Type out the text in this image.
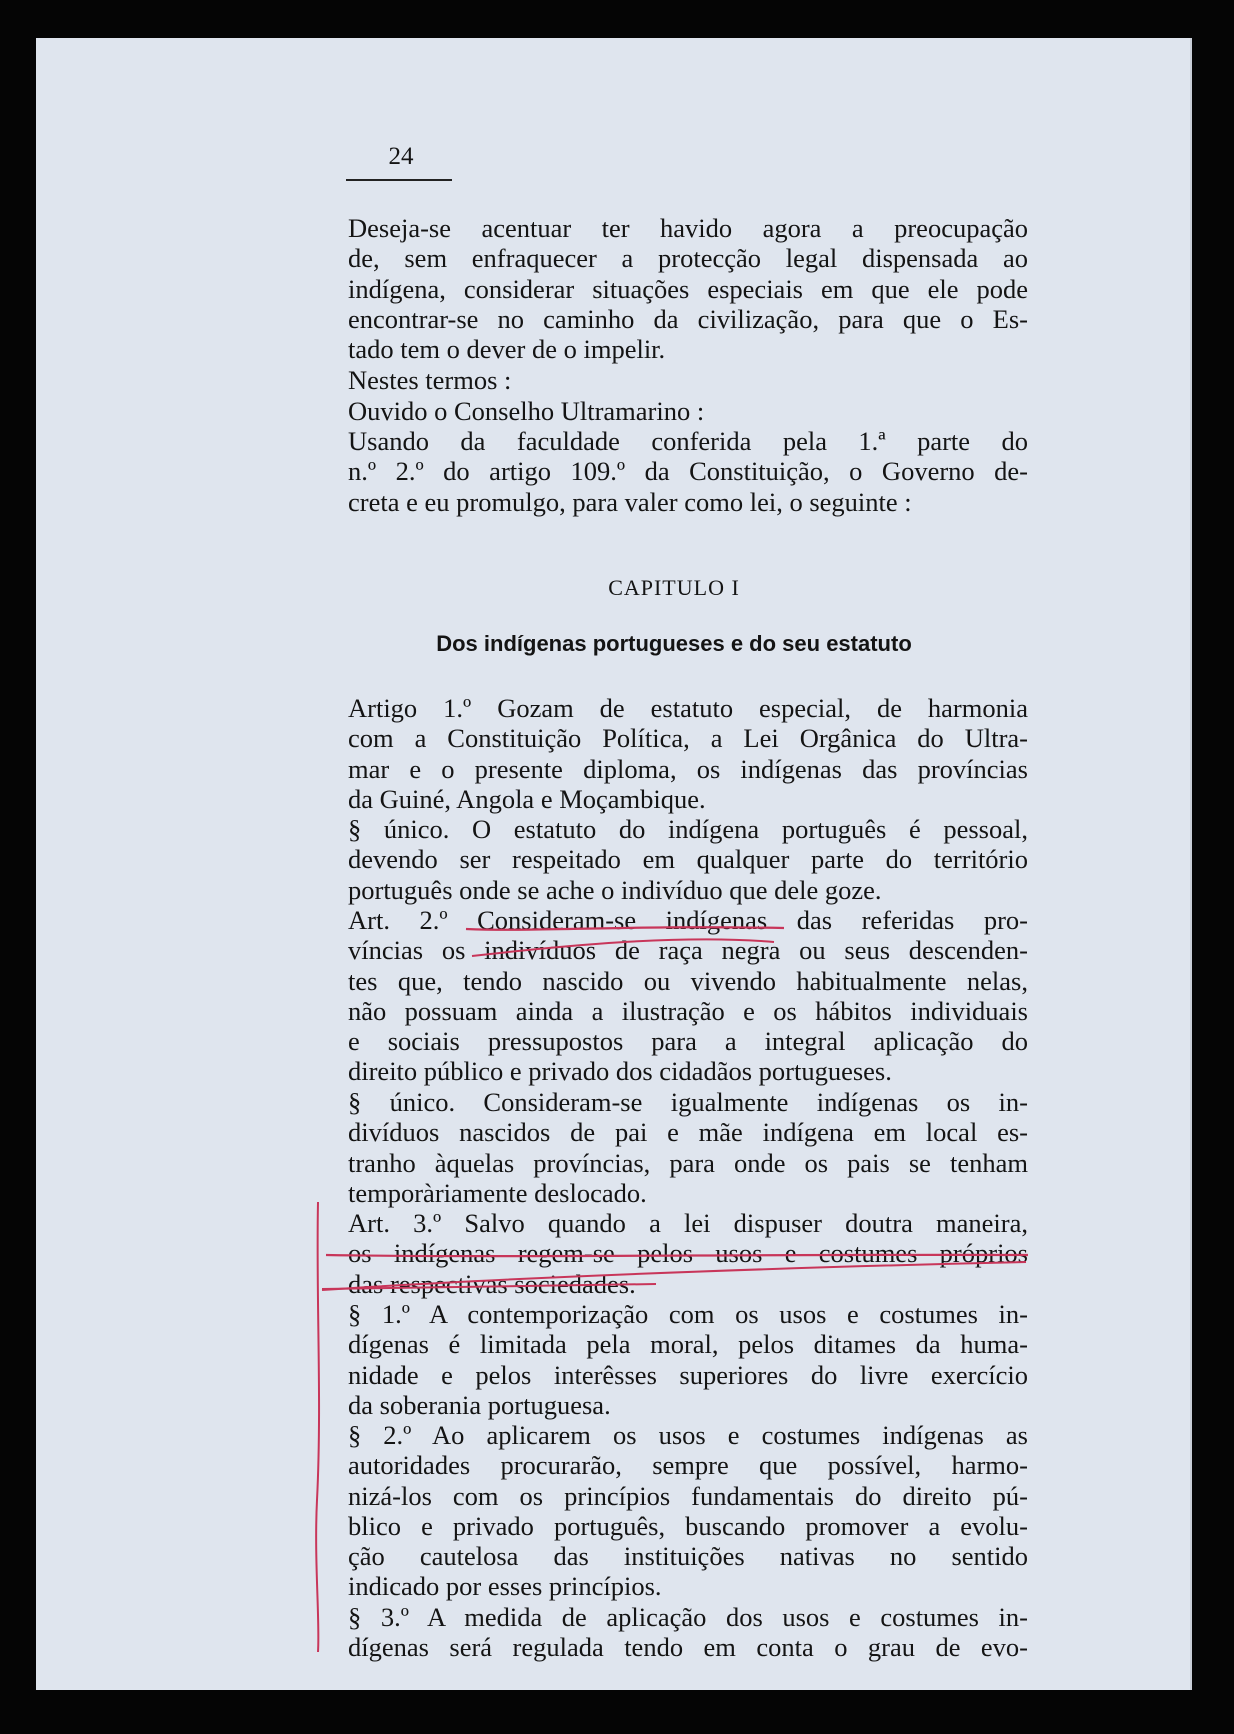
24
Deseja-se acentuar ter havido agora a preocupação
de, sem enfraquecer a protecção legal dispensada ao
indígena, considerar situações especiais em que ele pode
encontrar-se no caminho da civilização, para que o Es-
tado tem o dever de o impelir.
Nestes termos :
Ouvido o Conselho Ultramarino :
Usando da faculdade conferida pela 1.ª parte do
n.º 2.º do artigo 109.º da Constituição, o Governo de-
creta e eu promulgo, para valer como lei, o seguinte :
CAPITULO I
Dos indígenas portugueses e do seu estatuto
Artigo 1.º Gozam de estatuto especial, de harmonia
com a Constituição Política, a Lei Orgânica do Ultra-
mar e o presente diploma, os indígenas das províncias
da Guiné, Angola e Moçambique.
§ único. O estatuto do indígena português é pessoal,
devendo ser respeitado em qualquer parte do território
português onde se ache o indivíduo que dele goze.
Art. 2.º Consideram-se indígenas das referidas pro-
víncias os indivíduos de raça negra ou seus descenden-
tes que, tendo nascido ou vivendo habitualmente nelas,
não possuam ainda a ilustração e os hábitos individuais
e sociais pressupostos para a integral aplicação do
direito público e privado dos cidadãos portugueses.
§ único. Consideram-se igualmente indígenas os in-
divíduos nascidos de pai e mãe indígena em local es-
tranho àquelas províncias, para onde os pais se tenham
temporàriamente deslocado.
Art. 3.º Salvo quando a lei dispuser doutra maneira,
os indígenas regem-se pelos usos e costumes próprios
das respectivas sociedades.
§ 1.º A contemporização com os usos e costumes in-
dígenas é limitada pela moral, pelos ditames da huma-
nidade e pelos interêsses superiores do livre exercício
da soberania portuguesa.
§ 2.º Ao aplicarem os usos e costumes indígenas as
autoridades procurarão, sempre que possível, harmo-
nizá-los com os princípios fundamentais do direito pú-
blico e privado português, buscando promover a evolu-
ção cautelosa das instituições nativas no sentido
indicado por esses princípios.
§ 3.º A medida de aplicação dos usos e costumes in-
dígenas será regulada tendo em conta o grau de evo-
